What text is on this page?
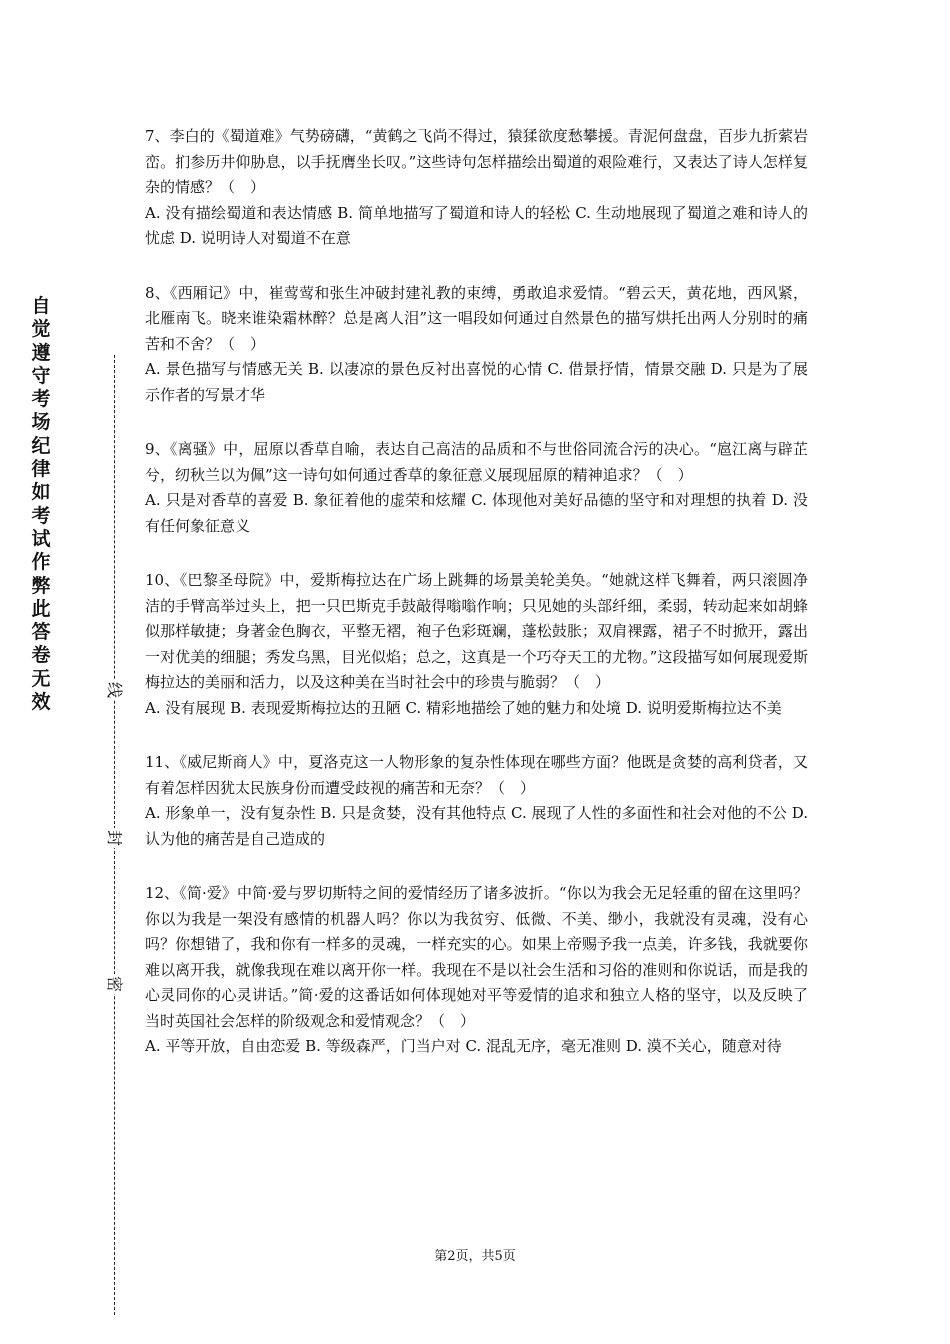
自觉遵守考场纪律如考试作弊此答卷无效
线
封
密

7、李白的《蜀道难》气势磅礴，“黄鹤之飞尚不得过，猿猱欲度愁攀援。青泥何盘盘，百步九折萦岩峦。扪参历井仰胁息，以手抚膺坐长叹。”这些诗句怎样描绘出蜀道的艰险难行，又表达了诗人怎样复杂的情感？（　）

A. 没有描绘蜀道和表达情感 B. 简单地描写了蜀道和诗人的轻松 C. 生动地展现了蜀道之难和诗人的忧虑 D. 说明诗人对蜀道不在意

8、《西厢记》中，崔莺莺和张生冲破封建礼教的束缚，勇敢追求爱情。“碧云天，黄花地，西风紧，北雁南飞。晓来谁染霜林醉？总是离人泪”这一唱段如何通过自然景色的描写烘托出两人分别时的痛苦和不舍？（　）

A. 景色描写与情感无关 B. 以凄凉的景色反衬出喜悦的心情 C. 借景抒情，情景交融 D. 只是为了展示作者的写景才华

9、《离骚》中，屈原以香草自喻，表达自己高洁的品质和不与世俗同流合污的决心。“扈江离与辟芷兮，纫秋兰以为佩”这一诗句如何通过香草的象征意义展现屈原的精神追求？（　）

A. 只是对香草的喜爱 B. 象征着他的虚荣和炫耀 C. 体现他对美好品德的坚守和对理想的执着 D. 没有任何象征意义

10、《巴黎圣母院》中，爱斯梅拉达在广场上跳舞的场景美轮美奂。“她就这样飞舞着，两只滚圆净洁的手臂高举过头上，把一只巴斯克手鼓敲得嗡嗡作响；只见她的头部纤细，柔弱，转动起来如胡蜂似那样敏捷；身著金色胸衣，平整无褶，袍子色彩斑斓，蓬松鼓胀；双肩裸露，裙子不时掀开，露出一对优美的细腿；秀发乌黑，目光似焰；总之，这真是一个巧夺天工的尤物。”这段描写如何展现爱斯梅拉达的美丽和活力，以及这种美在当时社会中的珍贵与脆弱？（　）

A. 没有展现 B. 表现爱斯梅拉达的丑陋 C. 精彩地描绘了她的魅力和处境 D. 说明爱斯梅拉达不美

11、《威尼斯商人》中，夏洛克这一人物形象的复杂性体现在哪些方面？他既是贪婪的高利贷者，又有着怎样因犹太民族身份而遭受歧视的痛苦和无奈？（　）

A. 形象单一，没有复杂性 B. 只是贪婪，没有其他特点 C. 展现了人性的多面性和社会对他的不公 D. 认为他的痛苦是自己造成的

12、《简·爱》中简·爱与罗切斯特之间的爱情经历了诸多波折。“你以为我会无足轻重的留在这里吗？你以为我是一架没有感情的机器人吗？你以为我贫穷、低微、不美、缈小，我就没有灵魂，没有心吗？你想错了，我和你有一样多的灵魂，一样充实的心。如果上帝赐予我一点美，许多钱，我就要你难以离开我，就像我现在难以离开你一样。我现在不是以社会生活和习俗的准则和你说话，而是我的心灵同你的心灵讲话。”简·爱的这番话如何体现她对平等爱情的追求和独立人格的坚守，以及反映了当时英国社会怎样的阶级观念和爱情观念？（　）

A. 平等开放，自由恋爱 B. 等级森严，门当户对 C. 混乱无序，毫无准则 D. 漠不关心，随意对待

第2页，共5页
